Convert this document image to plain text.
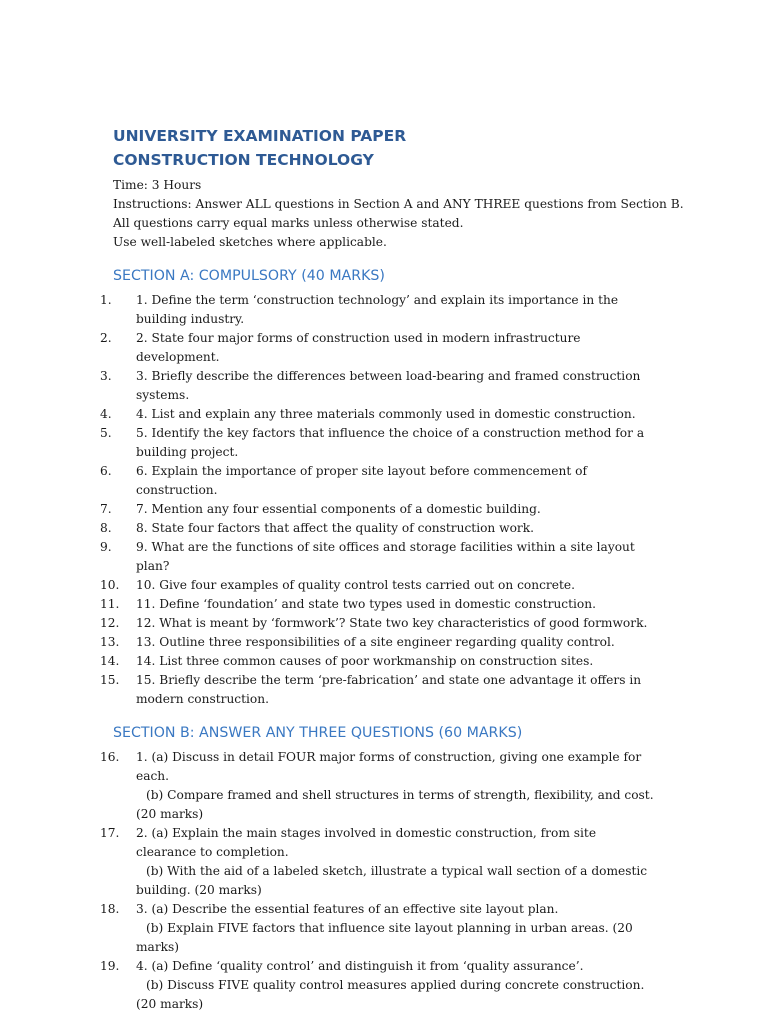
UNIVERSITY EXAMINATION PAPER
CONSTRUCTION TECHNOLOGY
Time: 3 Hours
Instructions: Answer ALL questions in Section A and ANY THREE questions from Section B.
All questions carry equal marks unless otherwise stated.
Use well-labeled sketches where applicable.
SECTION A: COMPULSORY (40 MARKS)
1.	1. Define the term ‘construction technology’ and explain its importance in the building industry.
2.	2. State four major forms of construction used in modern infrastructure development.
3.	3. Briefly describe the differences between load-bearing and framed construction systems.
4.	4. List and explain any three materials commonly used in domestic construction.
5.	5. Identify the key factors that influence the choice of a construction method for a building project.
6.	6. Explain the importance of proper site layout before commencement of construction.
7.	7. Mention any four essential components of a domestic building.
8.	8. State four factors that affect the quality of construction work.
9.	9. What are the functions of site offices and storage facilities within a site layout plan?
10.	10. Give four examples of quality control tests carried out on concrete.
11.	11. Define ‘foundation’ and state two types used in domestic construction.
12.	12. What is meant by ‘formwork’? State two key characteristics of good formwork.
13.	13. Outline three responsibilities of a site engineer regarding quality control.
14.	14. List three common causes of poor workmanship on construction sites.
15.	15. Briefly describe the term ‘pre-fabrication’ and state one advantage it offers in modern construction.
SECTION B: ANSWER ANY THREE QUESTIONS (60 MARKS)
16.	1. (a) Discuss in detail FOUR major forms of construction, giving one example for each.
(b) Compare framed and shell structures in terms of strength, flexibility, and cost. (20 marks)
17.	2. (a) Explain the main stages involved in domestic construction, from site clearance to completion.
(b) With the aid of a labeled sketch, illustrate a typical wall section of a domestic building. (20 marks)
18.	3. (a) Describe the essential features of an effective site layout plan.
(b) Explain FIVE factors that influence site layout planning in urban areas. (20 marks)
19.	4. (a) Define ‘quality control’ and distinguish it from ‘quality assurance’.
(b) Discuss FIVE quality control measures applied during concrete construction. (20 marks)
